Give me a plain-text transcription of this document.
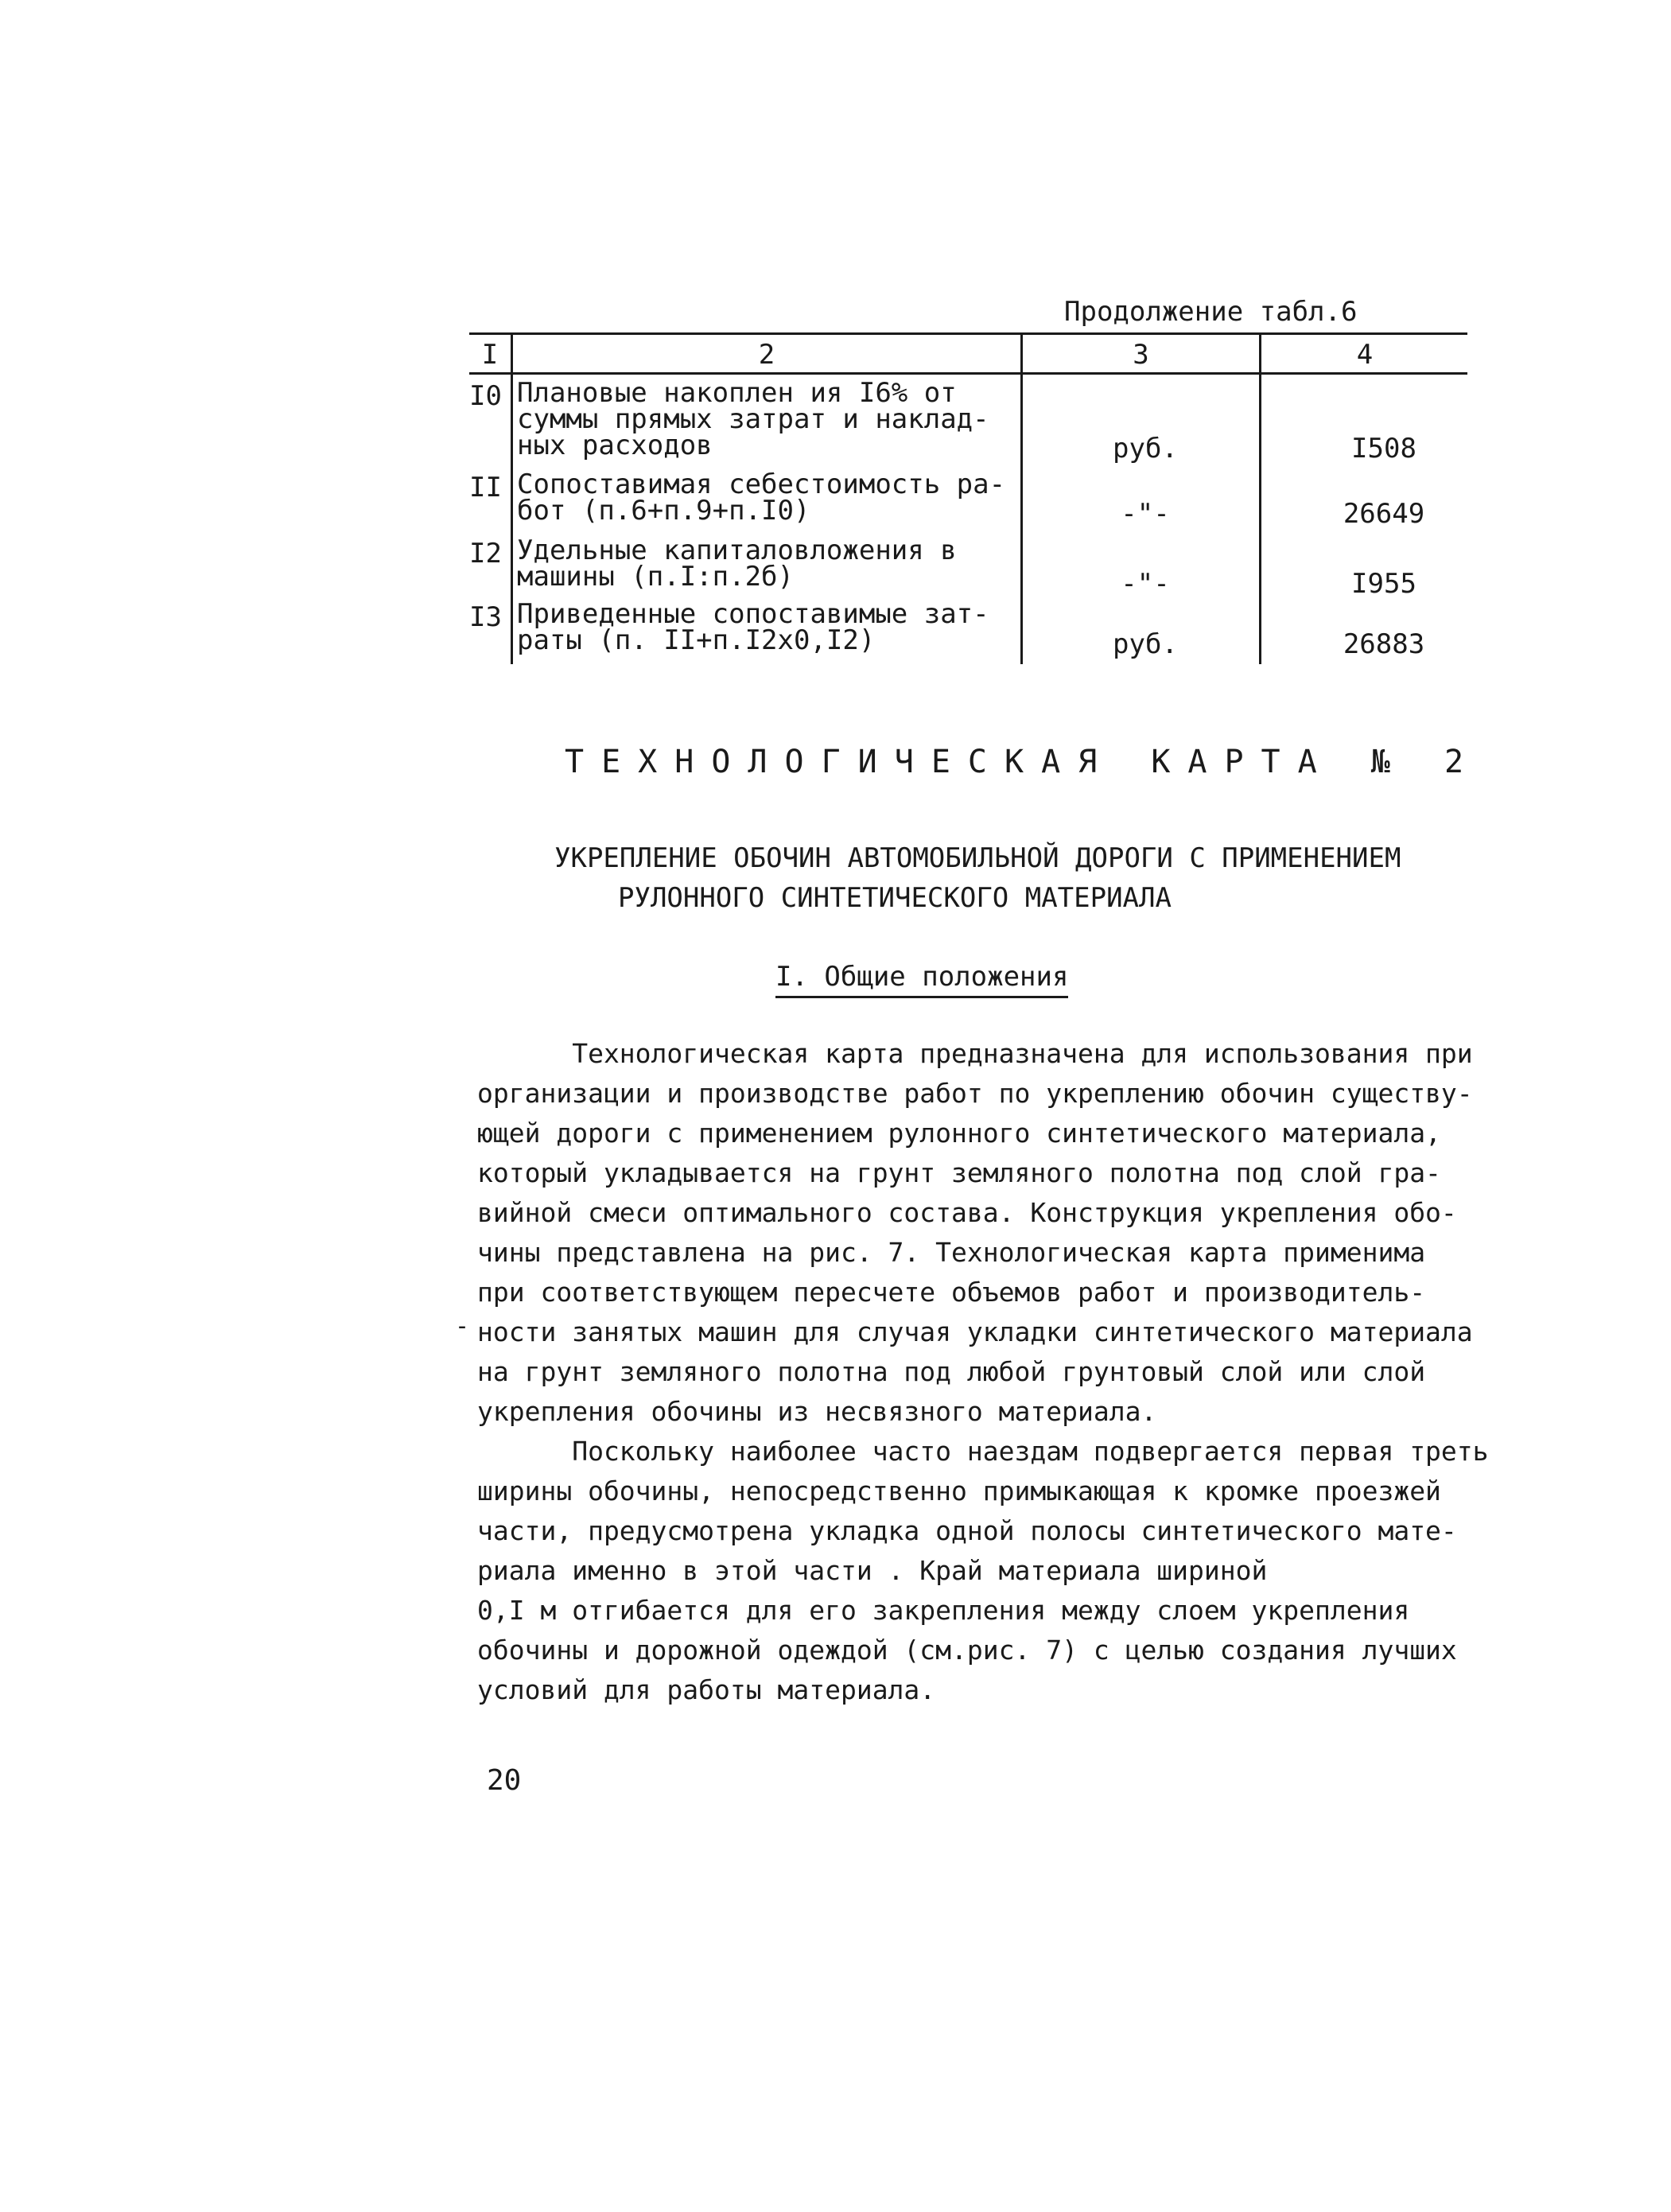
Продолжение табл.6
I	2	3	4
I0 Плановые накоплен ия I6% от
суммы прямых затрат и наклад-
ных расходов	руб.	I508
II Сопоставимая себестоимость ра-
бот (п.6+п.9+п.I0)	-"-	26649
I2 Удельные капиталовложения в
машины (п.I:п.2б)	-"-	I955
I3 Приведенные сопоставимые зат-
раты (п. II+п.I2x0,I2)	руб.	26883
ТЕХНОЛОГИЧЕСКАЯ КАРТА № 2
УКРЕПЛЕНИЕ ОБОЧИН АВТОМОБИЛЬНОЙ ДОРОГИ С ПРИМЕНЕНИЕМ
РУЛОННОГО СИНТЕТИЧЕСКОГО МАТЕРИАЛА
I. Общие положения
Технологическая карта предназначена для использования при
организации и производстве работ по укреплению обочин существу-
ющей дороги с применением рулонного синтетического материала,
который укладывается на грунт земляного полотна под слой гра-
вийной смеси оптимального состава. Конструкция укрепления обо-
чины представлена на рис. 7. Технологическая карта применима
при соответствующем пересчете объемов работ и производитель-
ности занятых машин для случая укладки синтетического материала
на грунт земляного полотна под любой грунтовый слой или слой
укрепления обочины из несвязного материала.
-
Поскольку наиболее часто наездам подвергается первая треть
ширины обочины, непосредственно примыкающая к кромке проезжей
части, предусмотрена укладка одной полосы синтетического мате-
риала именно в этой части . Край материала шириной
0,I м отгибается для его закрепления между слоем укрепления
обочины и дорожной одеждой (см.рис. 7) с целью создания лучших
условий для работы материала.
20
